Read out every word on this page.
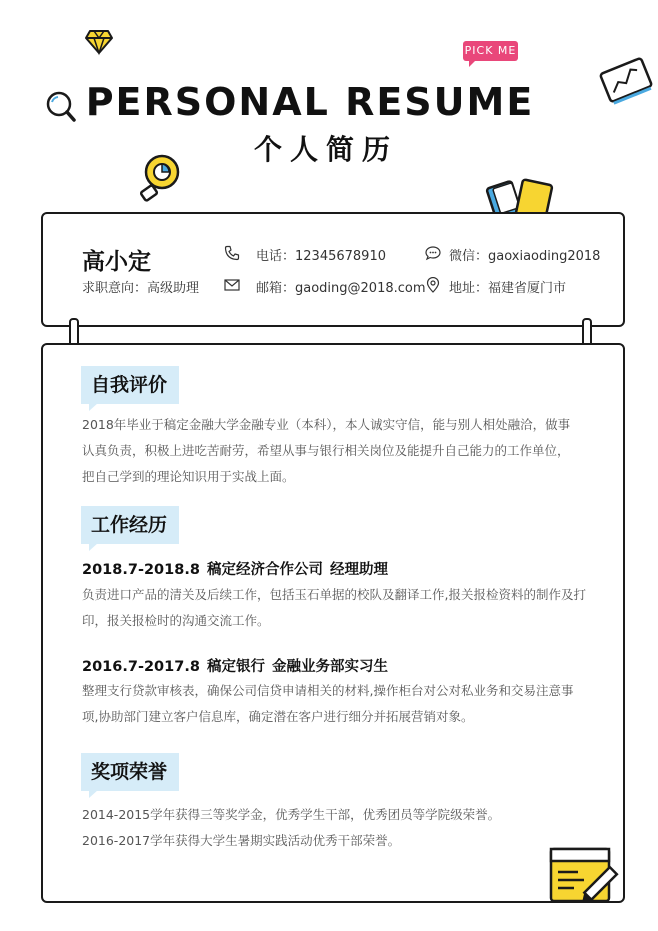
PICK ME
PERSONAL RESUME
个人简历
高小定
求职意向：高级助理
电话：12345678910	微信：gaoxiaoding2018
邮箱：gaoding@2018.com 地址：福建省厦门市
自我评价
2018年毕业于稿定金融大学金融专业（本科），本人诚实守信，能与别人相处融洽，做事
认真负责，积极上进吃苦耐劳，希望从事与银行相关岗位及能提升自己能力的工作单位，
把自己学到的理论知识用于实战上面。
工作经历
2018.7-2018.8 稿定经济合作公司 经理助理
负责进口产品的清关及后续工作，包括玉石单据的校队及翻译工作,报关报检资料的制作及打
印，报关报检时的沟通交流工作。
2016.7-2017.8 稿定银行 金融业务部实习生
整理支行贷款审核表，确保公司信贷申请相关的材料,操作柜台对公对私业务和交易注意事
项,协助部门建立客户信息库，确定潜在客户进行细分并拓展营销对象。
奖项荣誉
2014-2015学年获得三等奖学金，优秀学生干部，优秀团员等学院级荣誉。
2016-2017学年获得大学生暑期实践活动优秀干部荣誉。
